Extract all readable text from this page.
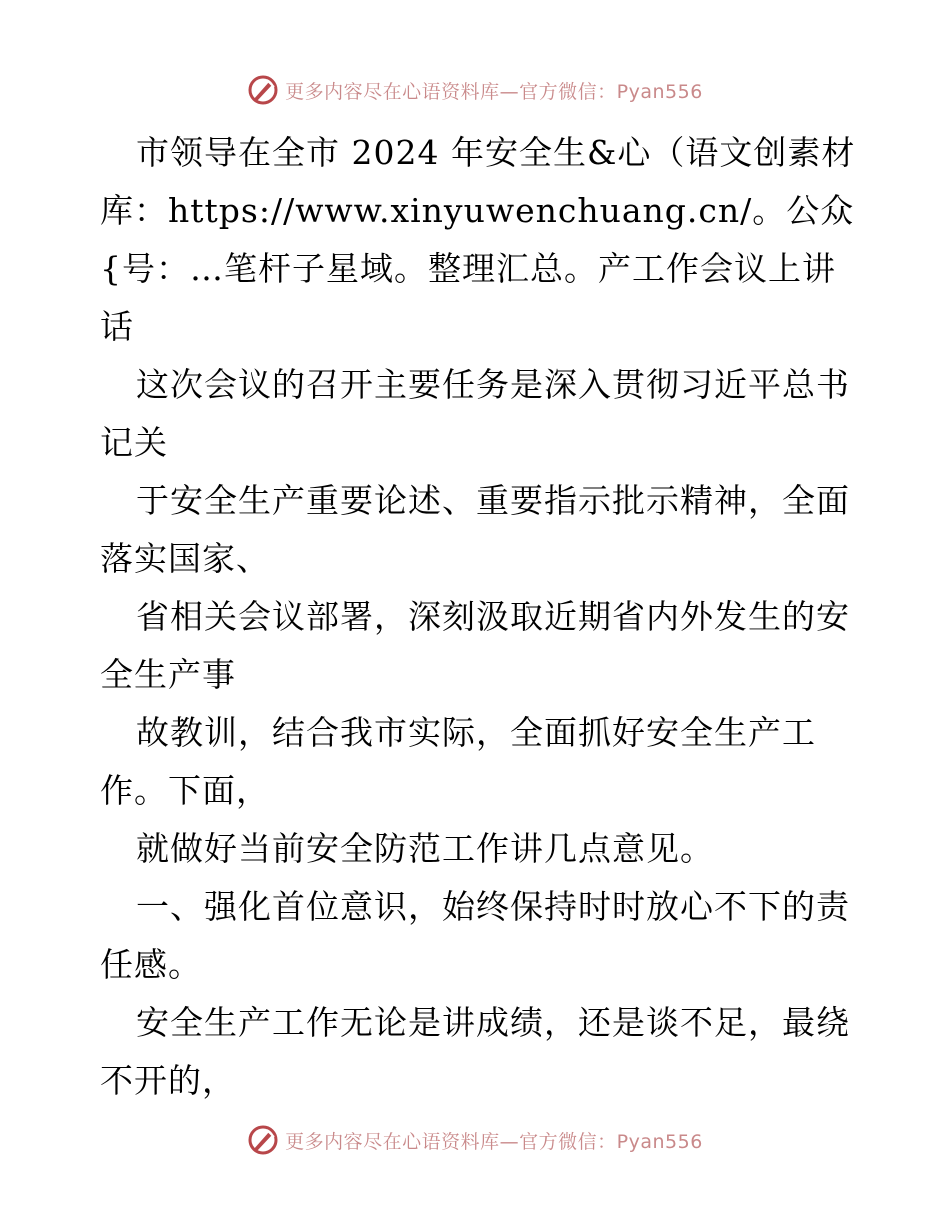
更多内容尽在心语资料库—官方微信：Pyan556

市领导在全市 2024 年安全生&心（语文创素材库：https://www.xinyuwenchuang.cn/。公众{号：…笔杆子星域。整理汇总。产工作会议上讲话

这次会议的召开主要任务是深入贯彻习近平总书记关

于安全生产重要论述、重要指示批示精神，全面落实国家、

省相关会议部署，深刻汲取近期省内外发生的安全生产事

故教训，结合我市实际，全面抓好安全生产工作。下面，

就做好当前安全防范工作讲几点意见。

一、强化首位意识，始终保持时时放心不下的责任感。

安全生产工作无论是讲成绩，还是谈不足，最绕不开的，

更多内容尽在心语资料库—官方微信：Pyan556
